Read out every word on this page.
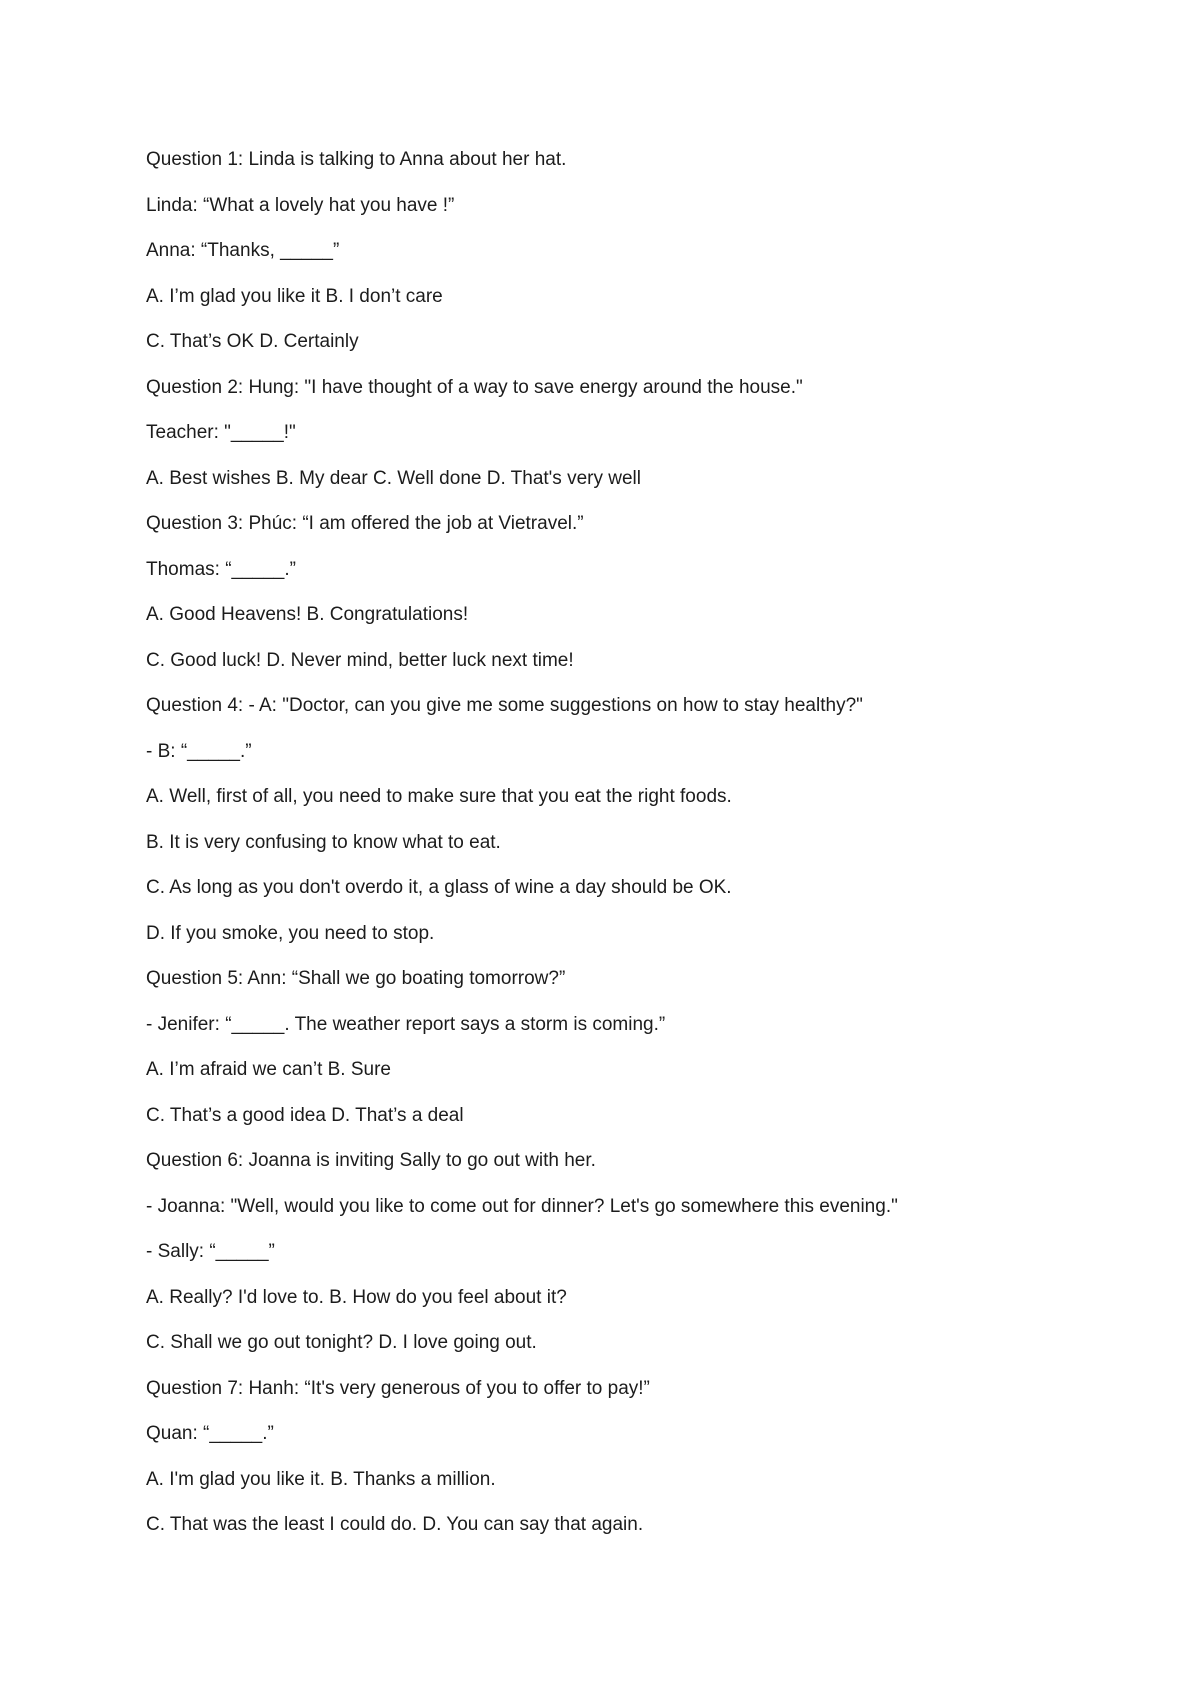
Question 1: Linda is talking to Anna about her hat.
Linda: “What a lovely hat you have !”
Anna: “Thanks, _____”
A. I’m glad you like it B. I don’t care
C. That’s OK D. Certainly
Question 2: Hung: "I have thought of a way to save energy around the house."
Teacher: "_____!"
A. Best wishes B. My dear C. Well done D. That's very well
Question 3: Phúc: “I am offered the job at Vietravel.”
Thomas: “_____.”
A. Good Heavens! B. Congratulations!
C. Good luck! D. Never mind, better luck next time!
Question 4: - A: "Doctor, can you give me some suggestions on how to stay healthy?"
- B: “_____.”
A. Well, first of all, you need to make sure that you eat the right foods.
B. It is very confusing to know what to eat.
C. As long as you don't overdo it, a glass of wine a day should be OK.
D. If you smoke, you need to stop.
Question 5: Ann: “Shall we go boating tomorrow?”
- Jenifer: “_____. The weather report says a storm is coming.”
A. I’m afraid we can’t B. Sure
C. That’s a good idea D. That’s a deal
Question 6: Joanna is inviting Sally to go out with her.
- Joanna: "Well, would you like to come out for dinner? Let's go somewhere this evening."
- Sally: “_____”
A. Really? I'd love to. B. How do you feel about it?
C. Shall we go out tonight? D. I love going out.
Question 7: Hanh: “It's very generous of you to offer to pay!”
Quan: “_____.”
A. I'm glad you like it. B. Thanks a million.
C. That was the least I could do. D. You can say that again.
